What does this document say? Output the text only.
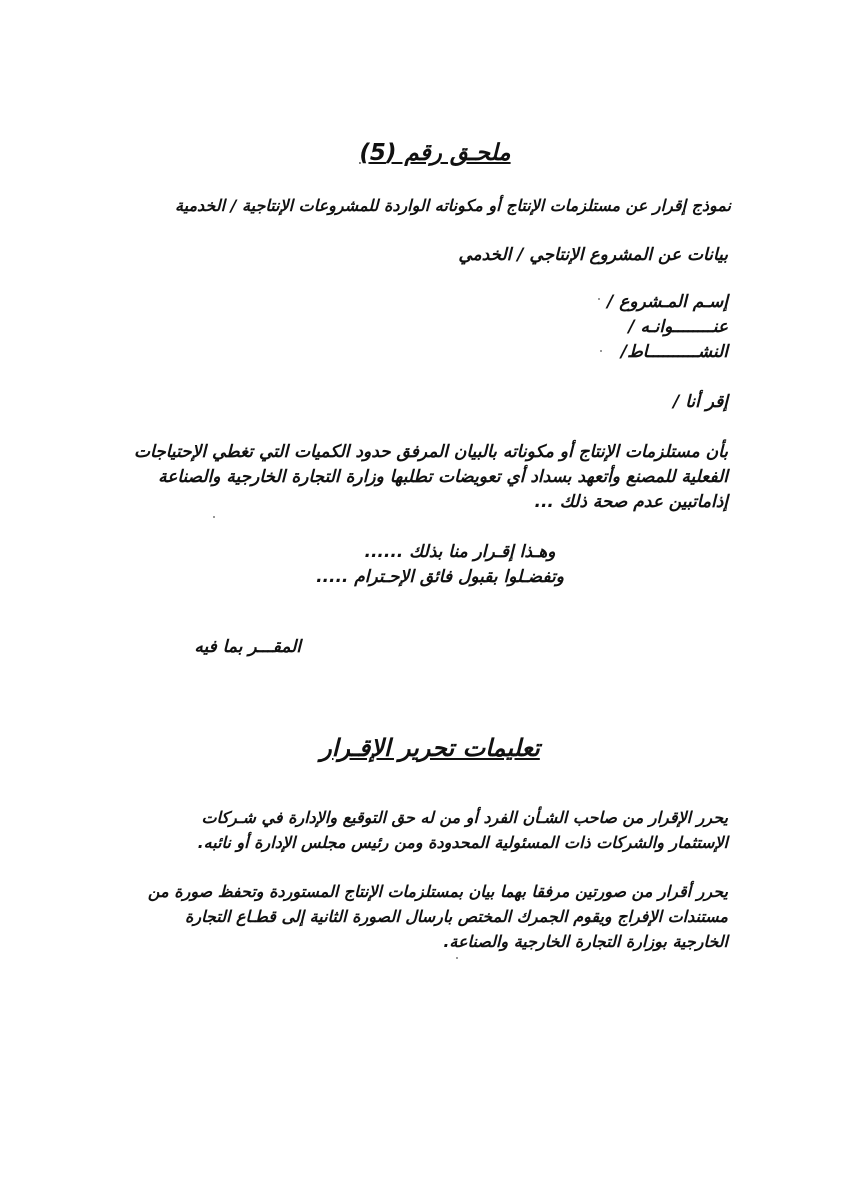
ملحـق رقم (5)
نموذج إقرار عن مستلزمات الإنتاج أو مكوناته الواردة للمشروعات الإنتاجية / الخدمية
بيانات عن المشروع الإنتاجي / الخدمي
إسـم المـشروع /
عنــــــــوانـه /
النشــــــــــاط/
إقر أنا /
بأن مستلزمات الإنتاج أو مكوناته بالبيان المرفق حدود الكميات التي تغطي الإحتياجات
الفعلية للمصنع وأتعهد بسداد أي تعويضات تطلبها وزارة التجارة الخارجية والصناعة
إذاماتبين عدم صحة ذلك ...
وهـذا إقـرار منا بذلك ......
وتفضـلوا بقبول فائق الإحـترام .....
المقـــر بما فيه
تعليمات تحرير الإقـرار
يحرر الإقرار من صاحب الشـأن الفرد أو من له حق التوقيع والإدارة في شـركات
الإستثمار والشركات ذات المسئولية المحدودة ومن رئيس مجلس الإدارة أو نائبه.
يحرر أقرار من صورتين مرفقا بهما بيان بمستلزمات الإنتاج المستوردة وتحفظ صورة من
مستندات الإفراج ويقوم الجمرك المختص بارسال الصورة الثانية إلى قطـاع التجارة
الخارجية بوزارة التجارة الخارجية والصناعة.
